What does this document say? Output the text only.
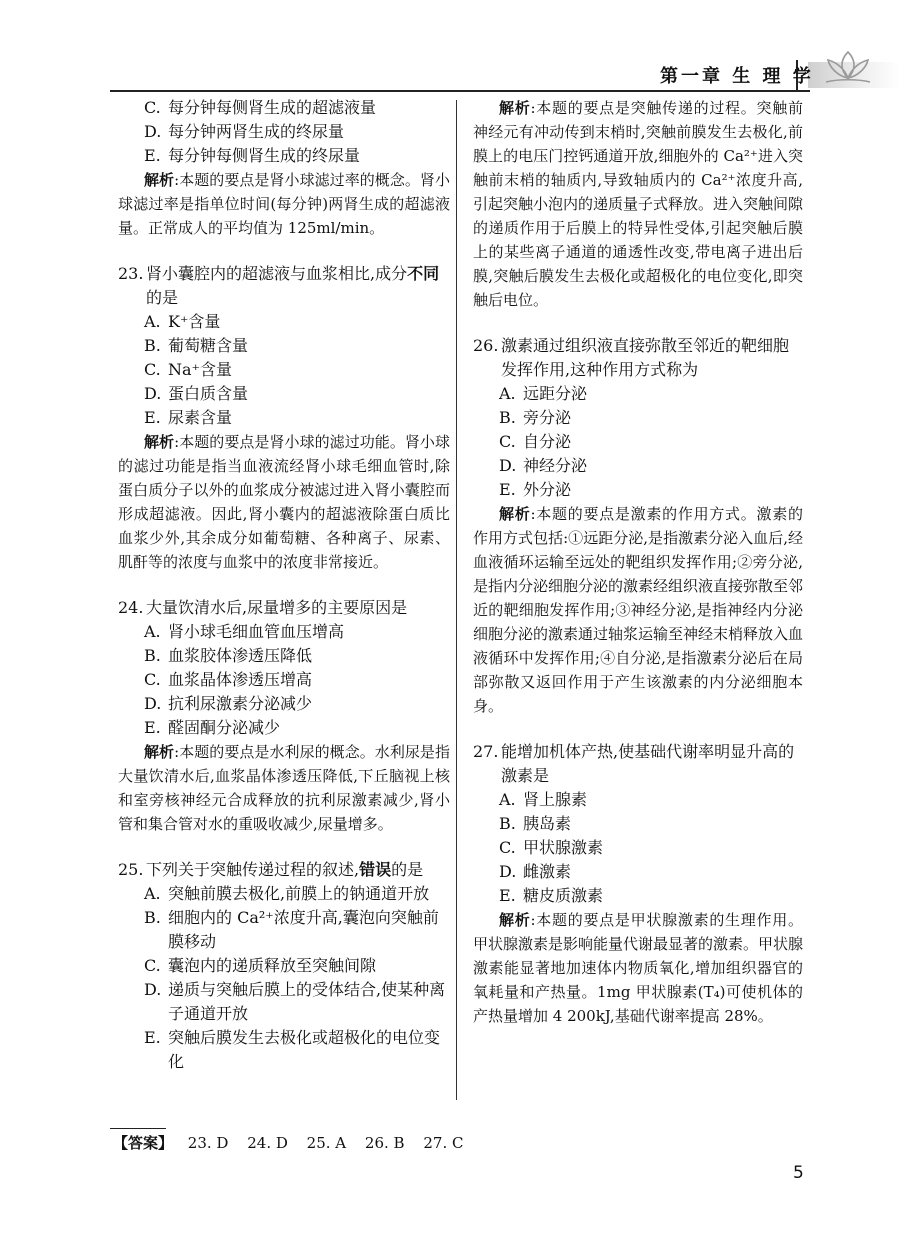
第一章 生 理 学
C. 每分钟每侧肾生成的超滤液量
D. 每分钟两肾生成的终尿量
E. 每分钟每侧肾生成的终尿量
解析:本题的要点是肾小球滤过率的概念。肾小球滤过率是指单位时间(每分钟)两肾生成的超滤液量。正常成人的平均值为 125ml/min。
23. 肾小囊腔内的超滤液与血浆相比,成分不同的是
A. K⁺含量
B. 葡萄糖含量
C. Na⁺含量
D. 蛋白质含量
E. 尿素含量
解析:本题的要点是肾小球的滤过功能。肾小球的滤过功能是指当血液流经肾小球毛细血管时,除蛋白质分子以外的血浆成分被滤过进入肾小囊腔而形成超滤液。因此,肾小囊内的超滤液除蛋白质比血浆少外,其余成分如葡萄糖、各种离子、尿素、肌酐等的浓度与血浆中的浓度非常接近。
24. 大量饮清水后,尿量增多的主要原因是
A. 肾小球毛细血管血压增高
B. 血浆胶体渗透压降低
C. 血浆晶体渗透压增高
D. 抗利尿激素分泌减少
E. 醛固酮分泌减少
解析:本题的要点是水利尿的概念。水利尿是指大量饮清水后,血浆晶体渗透压降低,下丘脑视上核和室旁核神经元合成释放的抗利尿激素减少,肾小管和集合管对水的重吸收减少,尿量增多。
25. 下列关于突触传递过程的叙述,错误的是
A. 突触前膜去极化,前膜上的钠通道开放
B. 细胞内的 Ca²⁺浓度升高,囊泡向突触前膜移动
C. 囊泡内的递质释放至突触间隙
D. 递质与突触后膜上的受体结合,使某种离子通道开放
E. 突触后膜发生去极化或超极化的电位变化
解析:本题的要点是突触传递的过程。突触前神经元有冲动传到末梢时,突触前膜发生去极化,前膜上的电压门控钙通道开放,细胞外的 Ca²⁺进入突触前末梢的轴质内,导致轴质内的 Ca²⁺浓度升高,引起突触小泡内的递质量子式释放。进入突触间隙的递质作用于后膜上的特异性受体,引起突触后膜上的某些离子通道的通透性改变,带电离子进出后膜,突触后膜发生去极化或超极化的电位变化,即突触后电位。
26. 激素通过组织液直接弥散至邻近的靶细胞发挥作用,这种作用方式称为
A. 远距分泌
B. 旁分泌
C. 自分泌
D. 神经分泌
E. 外分泌
解析:本题的要点是激素的作用方式。激素的作用方式包括:①远距分泌,是指激素分泌入血后,经血液循环运输至远处的靶组织发挥作用;②旁分泌,是指内分泌细胞分泌的激素经组织液直接弥散至邻近的靶细胞发挥作用;③神经分泌,是指神经内分泌细胞分泌的激素通过轴浆运输至神经末梢释放入血液循环中发挥作用;④自分泌,是指激素分泌后在局部弥散又返回作用于产生该激素的内分泌细胞本身。
27. 能增加机体产热,使基础代谢率明显升高的激素是
A. 肾上腺素
B. 胰岛素
C. 甲状腺激素
D. 雌激素
E. 糖皮质激素
解析:本题的要点是甲状腺激素的生理作用。甲状腺激素是影响能量代谢最显著的激素。甲状腺激素能显著地加速体内物质氧化,增加组织器官的氧耗量和产热量。1mg 甲状腺素(T₄)可使机体的产热量增加 4 200kJ,基础代谢率提高 28%。
【答案】 23. D 24. D 25. A 26. B 27. C
5
